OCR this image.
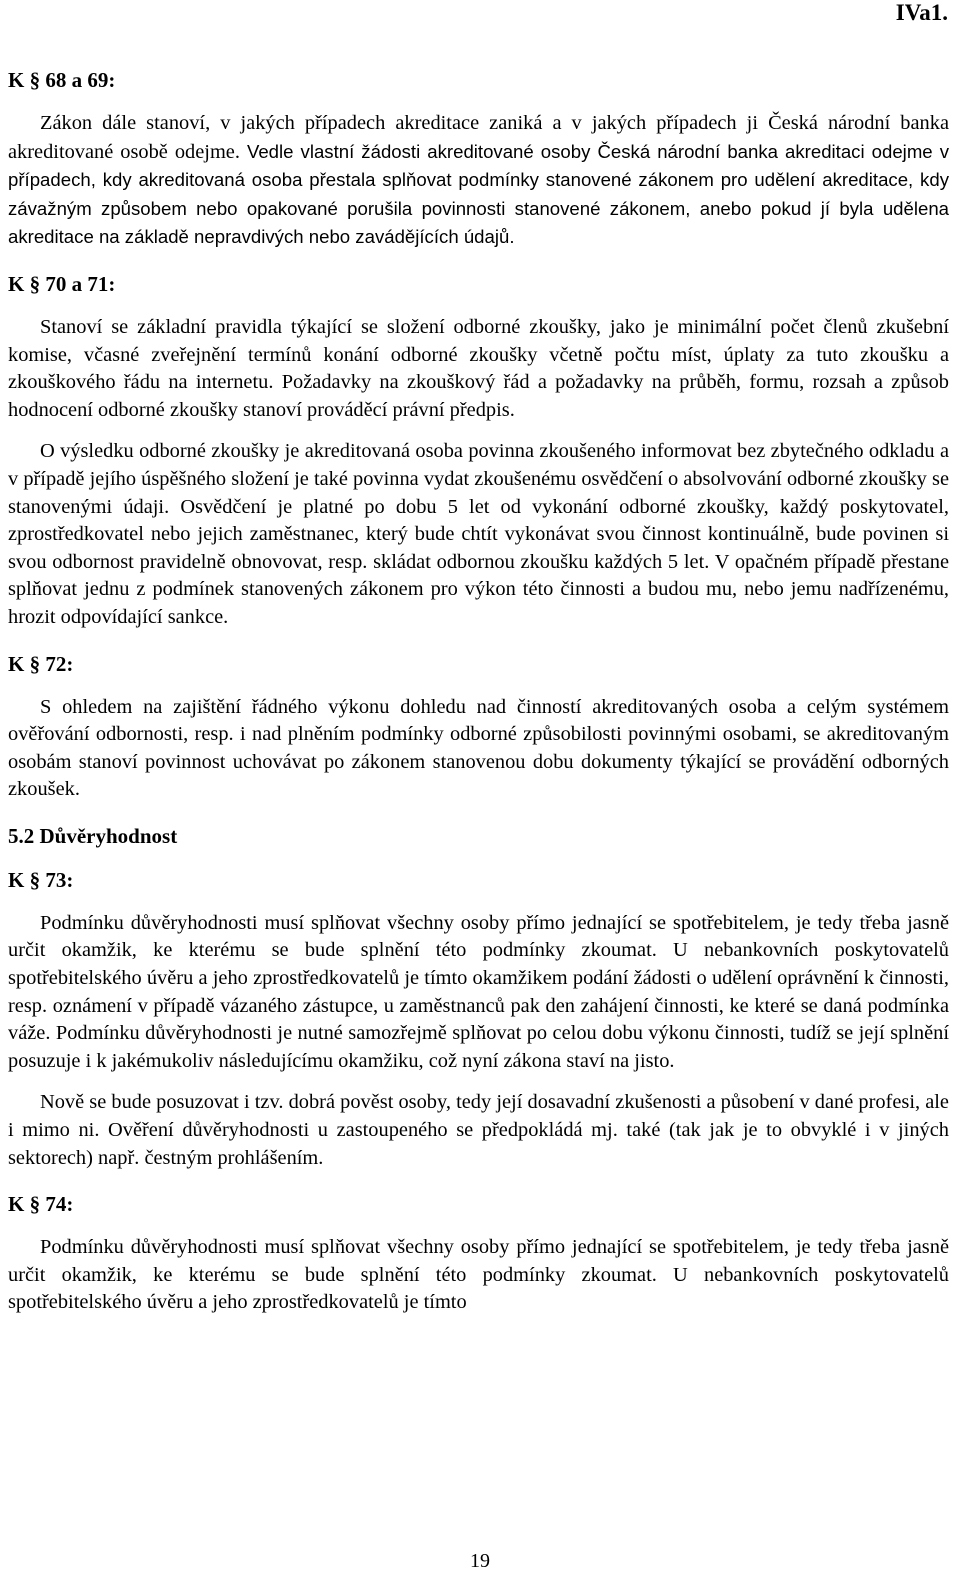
IVa1.
K § 68 a 69:

Zákon dále stanoví, v jakých případech akreditace zaniká a v jakých případech ji Česká národní banka akreditované osobě odejme. Vedle vlastní žádosti akreditované osoby Česká národní banka akreditaci odejme v případech, kdy akreditovaná osoba přestala splňovat podmínky stanovené zákonem pro udělení akreditace, kdy závažným způsobem nebo opakované porušila povinnosti stanovené zákonem, anebo pokud jí byla udělena akreditace na základě nepravdivých nebo zavádějících údajů.

K § 70 a 71:

Stanoví se základní pravidla týkající se složení odborné zkoušky, jako je minimální počet členů zkušební komise, včasné zveřejnění termínů konání odborné zkoušky včetně počtu míst, úplaty za tuto zkoušku a zkouškového řádu na internetu. Požadavky na zkouškový řád a požadavky na průběh, formu, rozsah a způsob hodnocení odborné zkoušky stanoví prováděcí právní předpis.

O výsledku odborné zkoušky je akreditovaná osoba povinna zkoušeného informovat bez zbytečného odkladu a v případě jejího úspěšného složení je také povinna vydat zkoušenému osvědčení o absolvování odborné zkoušky se stanovenými údaji. Osvědčení je platné po dobu 5 let od vykonání odborné zkoušky, každý poskytovatel, zprostředkovatel nebo jejich zaměstnanec, který bude chtít vykonávat svou činnost kontinuálně, bude povinen si svou odbornost pravidelně obnovovat, resp. skládat odbornou zkoušku každých 5 let. V opačném případě přestane splňovat jednu z podmínek stanovených zákonem pro výkon této činnosti a budou mu, nebo jemu nadřízenému, hrozit odpovídající sankce.

K § 72:

S ohledem na zajištění řádného výkonu dohledu nad činností akreditovaných osoba a celým systémem ověřování odbornosti, resp. i nad plněním podmínky odborné způsobilosti povinnými osobami, se akreditovaným osobám stanoví povinnost uchovávat po zákonem stanovenou dobu dokumenty týkající se provádění odborných zkoušek.

5.2 Důvěryhodnost
K § 73:

Podmínku důvěryhodnosti musí splňovat všechny osoby přímo jednající se spotřebitelem, je tedy třeba jasně určit okamžik, ke kterému se bude splnění této podmínky zkoumat. U nebankovních poskytovatelů spotřebitelského úvěru a jeho zprostředkovatelů je tímto okamžikem podání žádosti o udělení oprávnění k činnosti, resp. oznámení v případě vázaného zástupce, u zaměstnanců pak den zahájení činnosti, ke které se daná podmínka váže. Podmínku důvěryhodnosti je nutné samozřejmě splňovat po celou dobu výkonu činnosti, tudíž se její splnění posuzuje i k jakémukoliv následujícímu okamžiku, což nyní zákona staví na jisto.

Nově se bude posuzovat i tzv. dobrá pověst osoby, tedy její dosavadní zkušenosti a působení v dané profesi, ale i mimo ni. Ověření důvěryhodnosti u zastoupeného se předpokládá mj. také (tak jak je to obvyklé i v jiných sektorech) např. čestným prohlášením.

K § 74:

Podmínku důvěryhodnosti musí splňovat všechny osoby přímo jednající se spotřebitelem, je tedy třeba jasně určit okamžik, ke kterému se bude splnění této podmínky zkoumat. U nebankovních poskytovatelů spotřebitelského úvěru a jeho zprostředkovatelů je tímto

19
